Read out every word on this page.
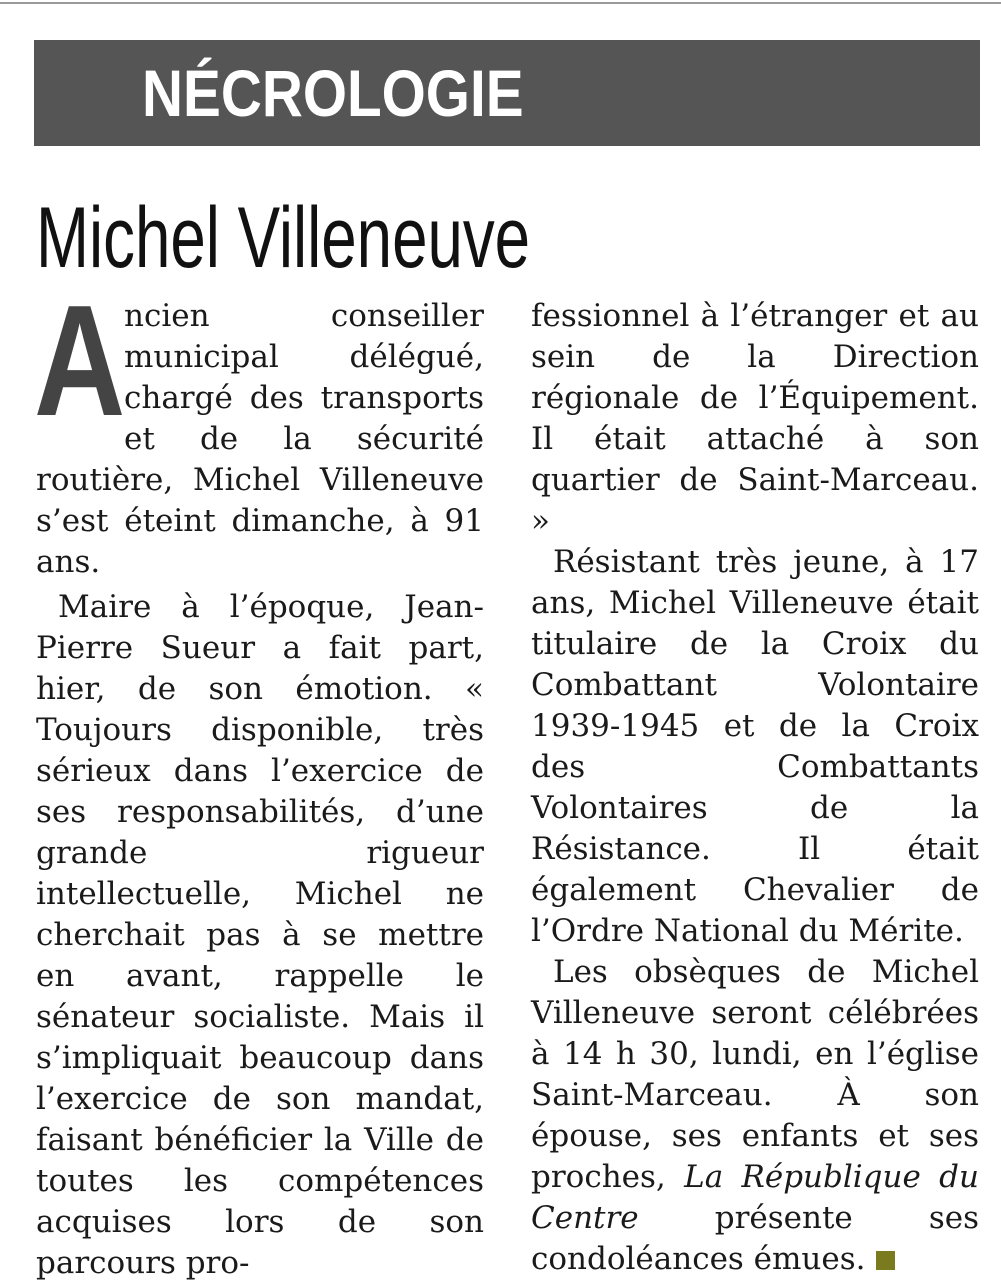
NÉCROLOGIE
Michel Villeneuve

A
ncien conseiller municipal délégué, chargé des transports et de la sécurité routière, Michel Villeneuve s’est éteint dimanche, à 91 ans.

Maire à l’époque, Jean-Pierre Sueur a fait part, hier, de son émotion. « Toujours disponible, très sérieux dans l’exercice de ses responsabilités, d’une grande rigueur intellectuelle, Michel ne cherchait pas à se mettre en avant, rappelle le sénateur socialiste. Mais il s’impliquait beaucoup dans l’exercice de son mandat, faisant bénéficier la Ville de toutes les compétences acquises lors de son parcours pro-

fessionnel à l’étranger et au sein de la Direction régionale de l’Équipement. Il était attaché à son quartier de Saint-Marceau. »

Résistant très jeune, à 17 ans, Michel Villeneuve était titulaire de la Croix du Combattant Volontaire 1939-1945 et de la Croix des Combattants Volontaires de la Résistance. Il était également Chevalier de l’Ordre National du Mérite.

Les obsèques de Michel Villeneuve seront célébrées à 14 h 30, lundi, en l’église Saint-Marceau. À son épouse, ses enfants et ses proches, La République du Centre présente ses condoléances émues.
